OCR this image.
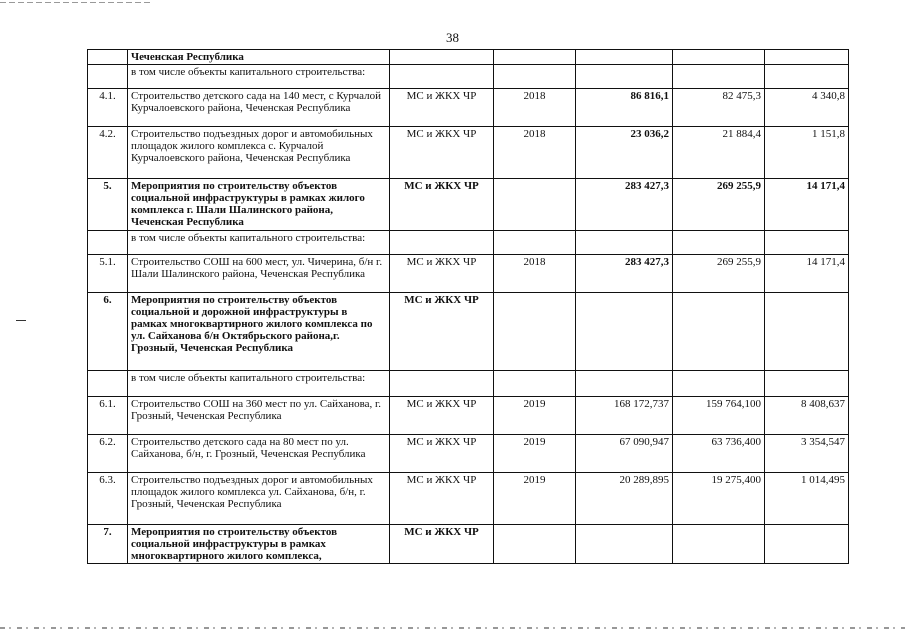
38
	Чеченская Республика					
	в том числе объекты капитального строительства:					
4.1.	Строительство детского сада на 140 мест, с Курчалой Курчалоевского района, Чеченская Республика	МС и ЖКХ ЧР	2018	86 816,1	82 475,3	4 340,8
4.2.	Строительство подъездных дорог и автомобильных площадок жилого комплекса с. Курчалой Курчалоевского района, Чеченская Республика	МС и ЖКХ ЧР	2018	23 036,2	21 884,4	1 151,8
5.	Мероприятия по строительству объектов социальной инфраструктуры в рамках жилого комплекса г. Шали Шалинского района, Чеченская Республика	МС и ЖКХ ЧР		283 427,3	269 255,9	14 171,4
	в том числе объекты капитального строительства:					
5.1.	Строительство СОШ на 600 мест, ул. Чичерина, б/н г. Шали Шалинского района, Чеченская Республика	МС и ЖКХ ЧР	2018	283 427,3	269 255,9	14 171,4
6.	Мероприятия по строительству объектов социальной и дорожной инфраструктуры в рамках многоквартирного жилого комплекса по ул. Сайханова б/н Октябрьского района,г. Грозный, Чеченская Республика	МС и ЖКХ ЧР				
	в том числе объекты капитального строительства:					
6.1.	Строительство СОШ на 360 мест по ул. Сайханова, г. Грозный, Чеченская Республика	МС и ЖКХ ЧР	2019	168 172,737	159 764,100	8 408,637
6.2.	Строительство детского сада на 80 мест по ул. Сайханова, б/н, г. Грозный, Чеченская Республика	МС и ЖКХ ЧР	2019	67 090,947	63 736,400	3 354,547
6.3.	Строительство подъездных дорог и автомобильных площадок жилого комплекса ул. Сайханова, б/н, г. Грозный, Чеченская Республика	МС и ЖКХ ЧР	2019	20 289,895	19 275,400	1 014,495
7.	Мероприятия по строительству объектов социальной инфраструктуры в рамках многоквартирного жилого комплекса,	МС и ЖКХ ЧР				
